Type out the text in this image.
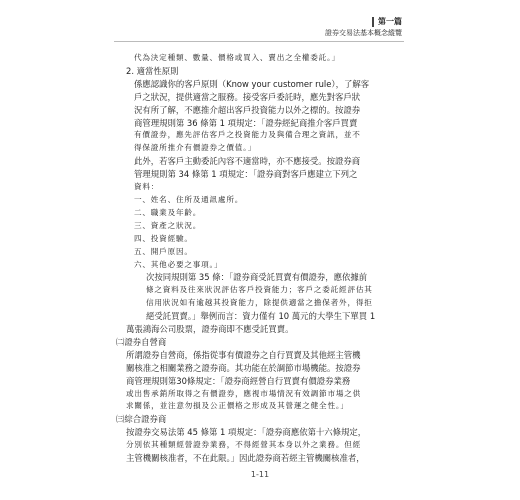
第一篇
證券交易法基本概念縱覽

代為決定種類、數量、價格或買入、賣出之全權委託。」

2. 適當性原則

係應認識你的客戶原則（Know your customer rule），了解客

戶之狀況，提供適當之服務。接受客戶委託時，應先對客戶狀

況有所了解，不應推介超出客戶投資能力以外之標的。按證券

商管理規則第 36 條第 1 項規定：「證券經紀商推介客戶買賣

有價證券，應先評估客戶之投資能力及與備合理之資訊，並不

得保證所推介有價證券之價值。」

此外，若客戶主動委託內容不適當時，亦不應接受。按證券商

管理規則第 34 條第 1 項規定：「證券商對客戶應建立下列之

資料：

一、姓名、住所及通訊處所。

二、職業及年齡。

三、資產之狀況。

四、投資經驗。

五、開戶原因。

六、其他必要之事項。」

次按同規則第 35 條：「證券商受託買賣有價證券，應依據前

條之資料及往來狀況評估客戶投資能力；客戶之委託經評估其

信用狀況如有逾越其投資能力，除提供適當之擔保者外，得拒

絕受託買賣。」舉例而言：資力僅有 10 萬元的大學生下單買 1

萬張鴻海公司股票，證券商即不應受託買賣。

㈡證券自營商

所謂證券自營商，係指從事有價證券之自行買賣及其他經主管機

關核准之相關業務之證券商。其功能在於調節市場機能。按證券

商管理規則第30條規定：「證券商經營自行買賣有價證券業務

或出售承銷所取得之有價證券，應視市場情況有效調節市場之供

求關係，並注意勿損及公正價格之形成及其營運之健全性。」

㈢綜合證券商

按證券交易法第 45 條第 1 項規定：「證券商應依第十六條規定，

分別依其種類經營證券業務，不得經營其本身以外之業務。但經

主管機關核准者，不在此限。」因此證券商若經主管機關核准者，

1-11
